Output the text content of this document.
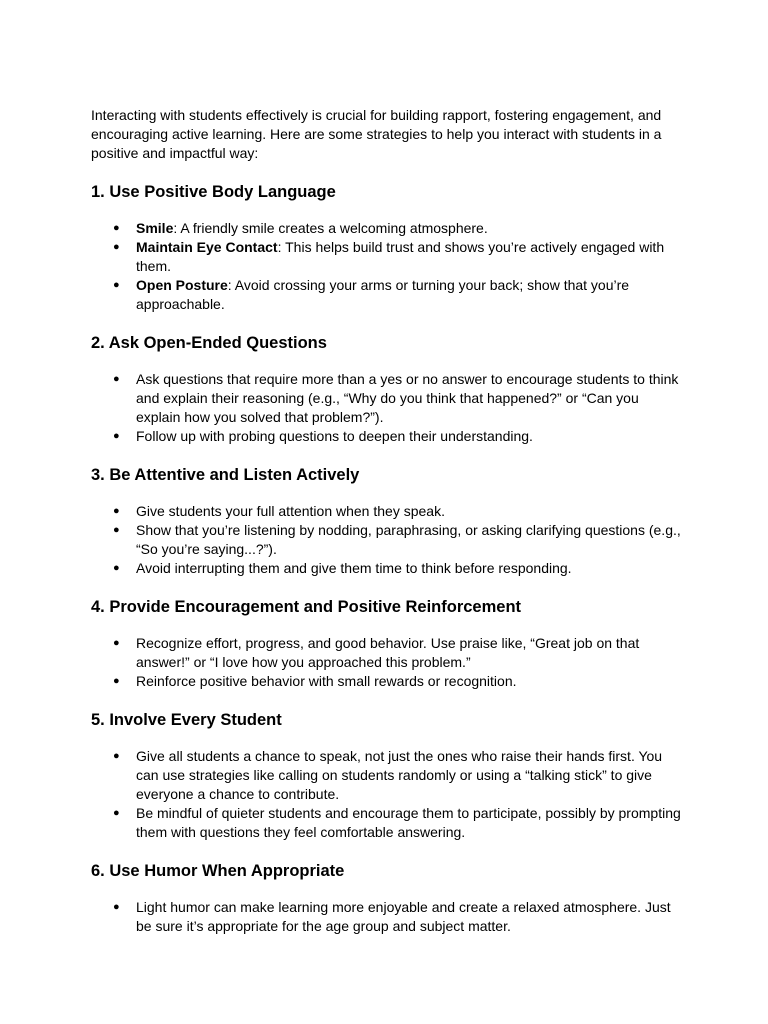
Interacting with students effectively is crucial for building rapport, fostering engagement, and encouraging active learning. Here are some strategies to help you interact with students in a positive and impactful way:

1. Use Positive Body Language
● Smile: A friendly smile creates a welcoming atmosphere.
● Maintain Eye Contact: This helps build trust and shows you’re actively engaged with them.
● Open Posture: Avoid crossing your arms or turning your back; show that you’re approachable.
2. Ask Open-Ended Questions
● Ask questions that require more than a yes or no answer to encourage students to think and explain their reasoning (e.g., “Why do you think that happened?” or “Can you explain how you solved that problem?”).
● Follow up with probing questions to deepen their understanding.
3. Be Attentive and Listen Actively
● Give students your full attention when they speak.
● Show that you’re listening by nodding, paraphrasing, or asking clarifying questions (e.g., “So you’re saying...?”).
● Avoid interrupting them and give them time to think before responding.
4. Provide Encouragement and Positive Reinforcement
● Recognize effort, progress, and good behavior. Use praise like, “Great job on that answer!” or “I love how you approached this problem.”
● Reinforce positive behavior with small rewards or recognition.
5. Involve Every Student
● Give all students a chance to speak, not just the ones who raise their hands first. You can use strategies like calling on students randomly or using a “talking stick” to give everyone a chance to contribute.
● Be mindful of quieter students and encourage them to participate, possibly by prompting them with questions they feel comfortable answering.
6. Use Humor When Appropriate
● Light humor can make learning more enjoyable and create a relaxed atmosphere. Just be sure it’s appropriate for the age group and subject matter.
